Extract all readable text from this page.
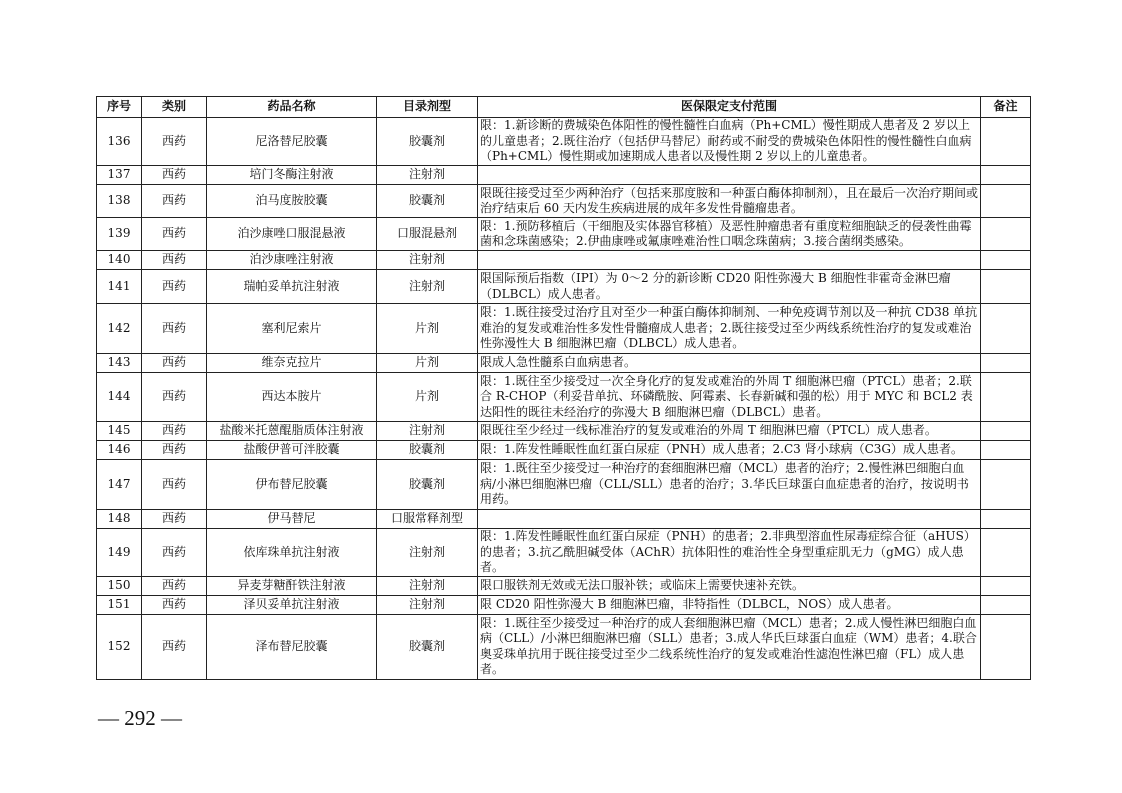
序号	类别	药品名称	目录剂型	医保限定支付范围	备注
136	西药	尼洛替尼胶囊	胶囊剂	限：1.新诊断的费城染色体阳性的慢性髓性白血病（Ph+CML）慢性期成人患者及 2 岁以上的儿童患者；2.既往治疗（包括伊马替尼）耐药或不耐受的费城染色体阳性的慢性髓性白血病（Ph+CML）慢性期或加速期成人患者以及慢性期 2 岁以上的儿童患者。	
137	西药	培门冬酶注射液	注射剂		
138	西药	泊马度胺胶囊	胶囊剂	限既往接受过至少两种治疗（包括来那度胺和一种蛋白酶体抑制剂），且在最后一次治疗期间或治疗结束后 60 天内发生疾病进展的成年多发性骨髓瘤患者。	
139	西药	泊沙康唑口服混悬液	口服混悬剂	限：1.预防移植后（干细胞及实体器官移植）及恶性肿瘤患者有重度粒细胞缺乏的侵袭性曲霉菌和念珠菌感染；2.伊曲康唑或氟康唑难治性口咽念珠菌病；3.接合菌纲类感染。	
140	西药	泊沙康唑注射液	注射剂		
141	西药	瑞帕妥单抗注射液	注射剂	限国际预后指数（IPI）为 0～2 分的新诊断 CD20 阳性弥漫大 B 细胞性非霍奇金淋巴瘤（DLBCL）成人患者。	
142	西药	塞利尼索片	片剂	限：1.既往接受过治疗且对至少一种蛋白酶体抑制剂、一种免疫调节剂以及一种抗 CD38 单抗难治的复发或难治性多发性骨髓瘤成人患者；2.既往接受过至少两线系统性治疗的复发或难治性弥漫性大 B 细胞淋巴瘤（DLBCL）成人患者。	
143	西药	维奈克拉片	片剂	限成人急性髓系白血病患者。	
144	西药	西达本胺片	片剂	限：1.既往至少接受过一次全身化疗的复发或难治的外周 T 细胞淋巴瘤（PTCL）患者；2.联合 R-CHOP（利妥昔单抗、环磷酰胺、阿霉素、长春新碱和强的松）用于 MYC 和 BCL2 表达阳性的既往未经治疗的弥漫大 B 细胞淋巴瘤（DLBCL）患者。	
145	西药	盐酸米托蒽醌脂质体注射液	注射剂	限既往至少经过一线标准治疗的复发或难治的外周 T 细胞淋巴瘤（PTCL）成人患者。	
146	西药	盐酸伊普可泮胶囊	胶囊剂	限：1.阵发性睡眠性血红蛋白尿症（PNH）成人患者；2.C3 肾小球病（C3G）成人患者。	
147	西药	伊布替尼胶囊	胶囊剂	限：1.既往至少接受过一种治疗的套细胞淋巴瘤（MCL）患者的治疗；2.慢性淋巴细胞白血病/小淋巴细胞淋巴瘤（CLL/SLL）患者的治疗；3.华氏巨球蛋白血症患者的治疗，按说明书用药。	
148	西药	伊马替尼	口服常释剂型		
149	西药	依库珠单抗注射液	注射剂	限：1.阵发性睡眠性血红蛋白尿症（PNH）的患者；2.非典型溶血性尿毒症综合征（aHUS）的患者；3.抗乙酰胆碱受体（AChR）抗体阳性的难治性全身型重症肌无力（gMG）成人患者。	
150	西药	异麦芽糖酐铁注射液	注射剂	限口服铁剂无效或无法口服补铁；或临床上需要快速补充铁。	
151	西药	泽贝妥单抗注射液	注射剂	限 CD20 阳性弥漫大 B 细胞淋巴瘤，非特指性（DLBCL，NOS）成人患者。	
152	西药	泽布替尼胶囊	胶囊剂	限：1.既往至少接受过一种治疗的成人套细胞淋巴瘤（MCL）患者；2.成人慢性淋巴细胞白血病（CLL）/小淋巴细胞淋巴瘤（SLL）患者；3.成人华氏巨球蛋白血症（WM）患者；4.联合奥妥珠单抗用于既往接受过至少二线系统性治疗的复发或难治性滤泡性淋巴瘤（FL）成人患者。	
— 292 —
